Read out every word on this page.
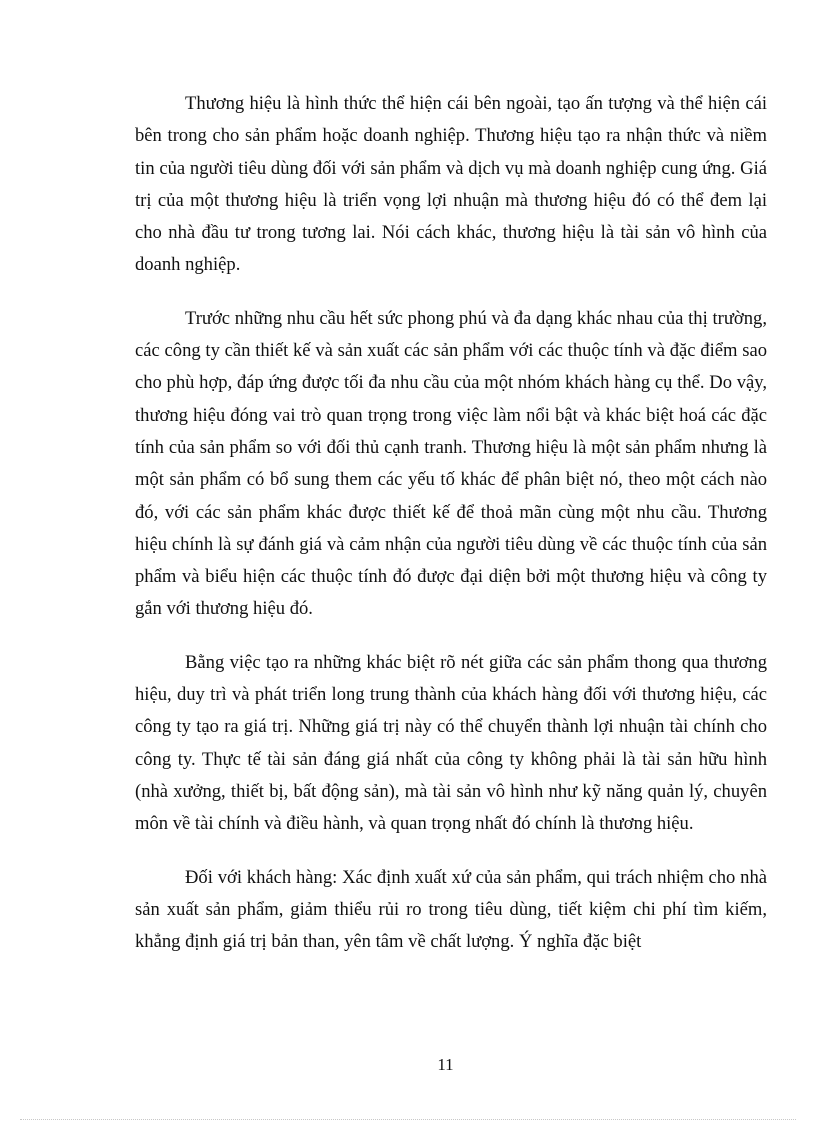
Thương hiệu là hình thức thể hiện cái bên ngoài, tạo ấn tượng và thể hiện cái bên trong cho sản phẩm hoặc doanh nghiệp. Thương hiệu tạo ra nhận thức và niềm tin của người tiêu dùng đối với sản phẩm và dịch vụ mà doanh nghiệp cung ứng. Giá trị của một thương hiệu là triển vọng lợi nhuận mà thương hiệu đó có thể đem lại cho nhà đầu tư trong tương lai. Nói cách khác, thương hiệu là tài sản vô hình của doanh nghiệp.

Trước những nhu cầu hết sức phong phú và đa dạng khác nhau của thị trường, các công ty cần thiết kế và sản xuất các sản phẩm với các thuộc tính và đặc điểm sao cho phù hợp, đáp ứng được tối đa nhu cầu của một nhóm khách hàng cụ thể. Do vậy, thương hiệu đóng vai trò quan trọng trong việc làm nổi bật và khác biệt hoá các đặc tính của sản phẩm so với đối thủ cạnh tranh. Thương hiệu là một sản phẩm nhưng là một sản phẩm có bổ sung them các yếu tố khác để phân biệt nó, theo một cách nào đó, với các sản phẩm khác được thiết kế để thoả mãn cùng một nhu cầu. Thương hiệu chính là sự đánh giá và cảm nhận của người tiêu dùng về các thuộc tính của sản phẩm và biểu hiện các thuộc tính đó được đại diện bởi một thương hiệu và công ty gắn với thương hiệu đó.

Bằng việc tạo ra những khác biệt rõ nét giữa các sản phẩm thong qua thương hiệu, duy trì và phát triển long trung thành của khách hàng đối với thương hiệu, các công ty tạo ra giá trị. Những giá trị này có thể chuyển thành lợi nhuận tài chính cho công ty. Thực tế tài sản đáng giá nhất của công ty không phải là tài sản hữu hình (nhà xưởng, thiết bị, bất động sản), mà tài sản vô hình như kỹ năng quản lý, chuyên môn về tài chính và điều hành, và quan trọng nhất đó chính là thương hiệu.

Đối với khách hàng: Xác định xuất xứ của sản phẩm, qui trách nhiệm cho nhà sản xuất sản phẩm, giảm thiểu rủi ro trong tiêu dùng, tiết kiệm chi phí tìm kiếm, khẳng định giá trị bản than, yên tâm về chất lượng. Ý nghĩa đặc biệt

11
